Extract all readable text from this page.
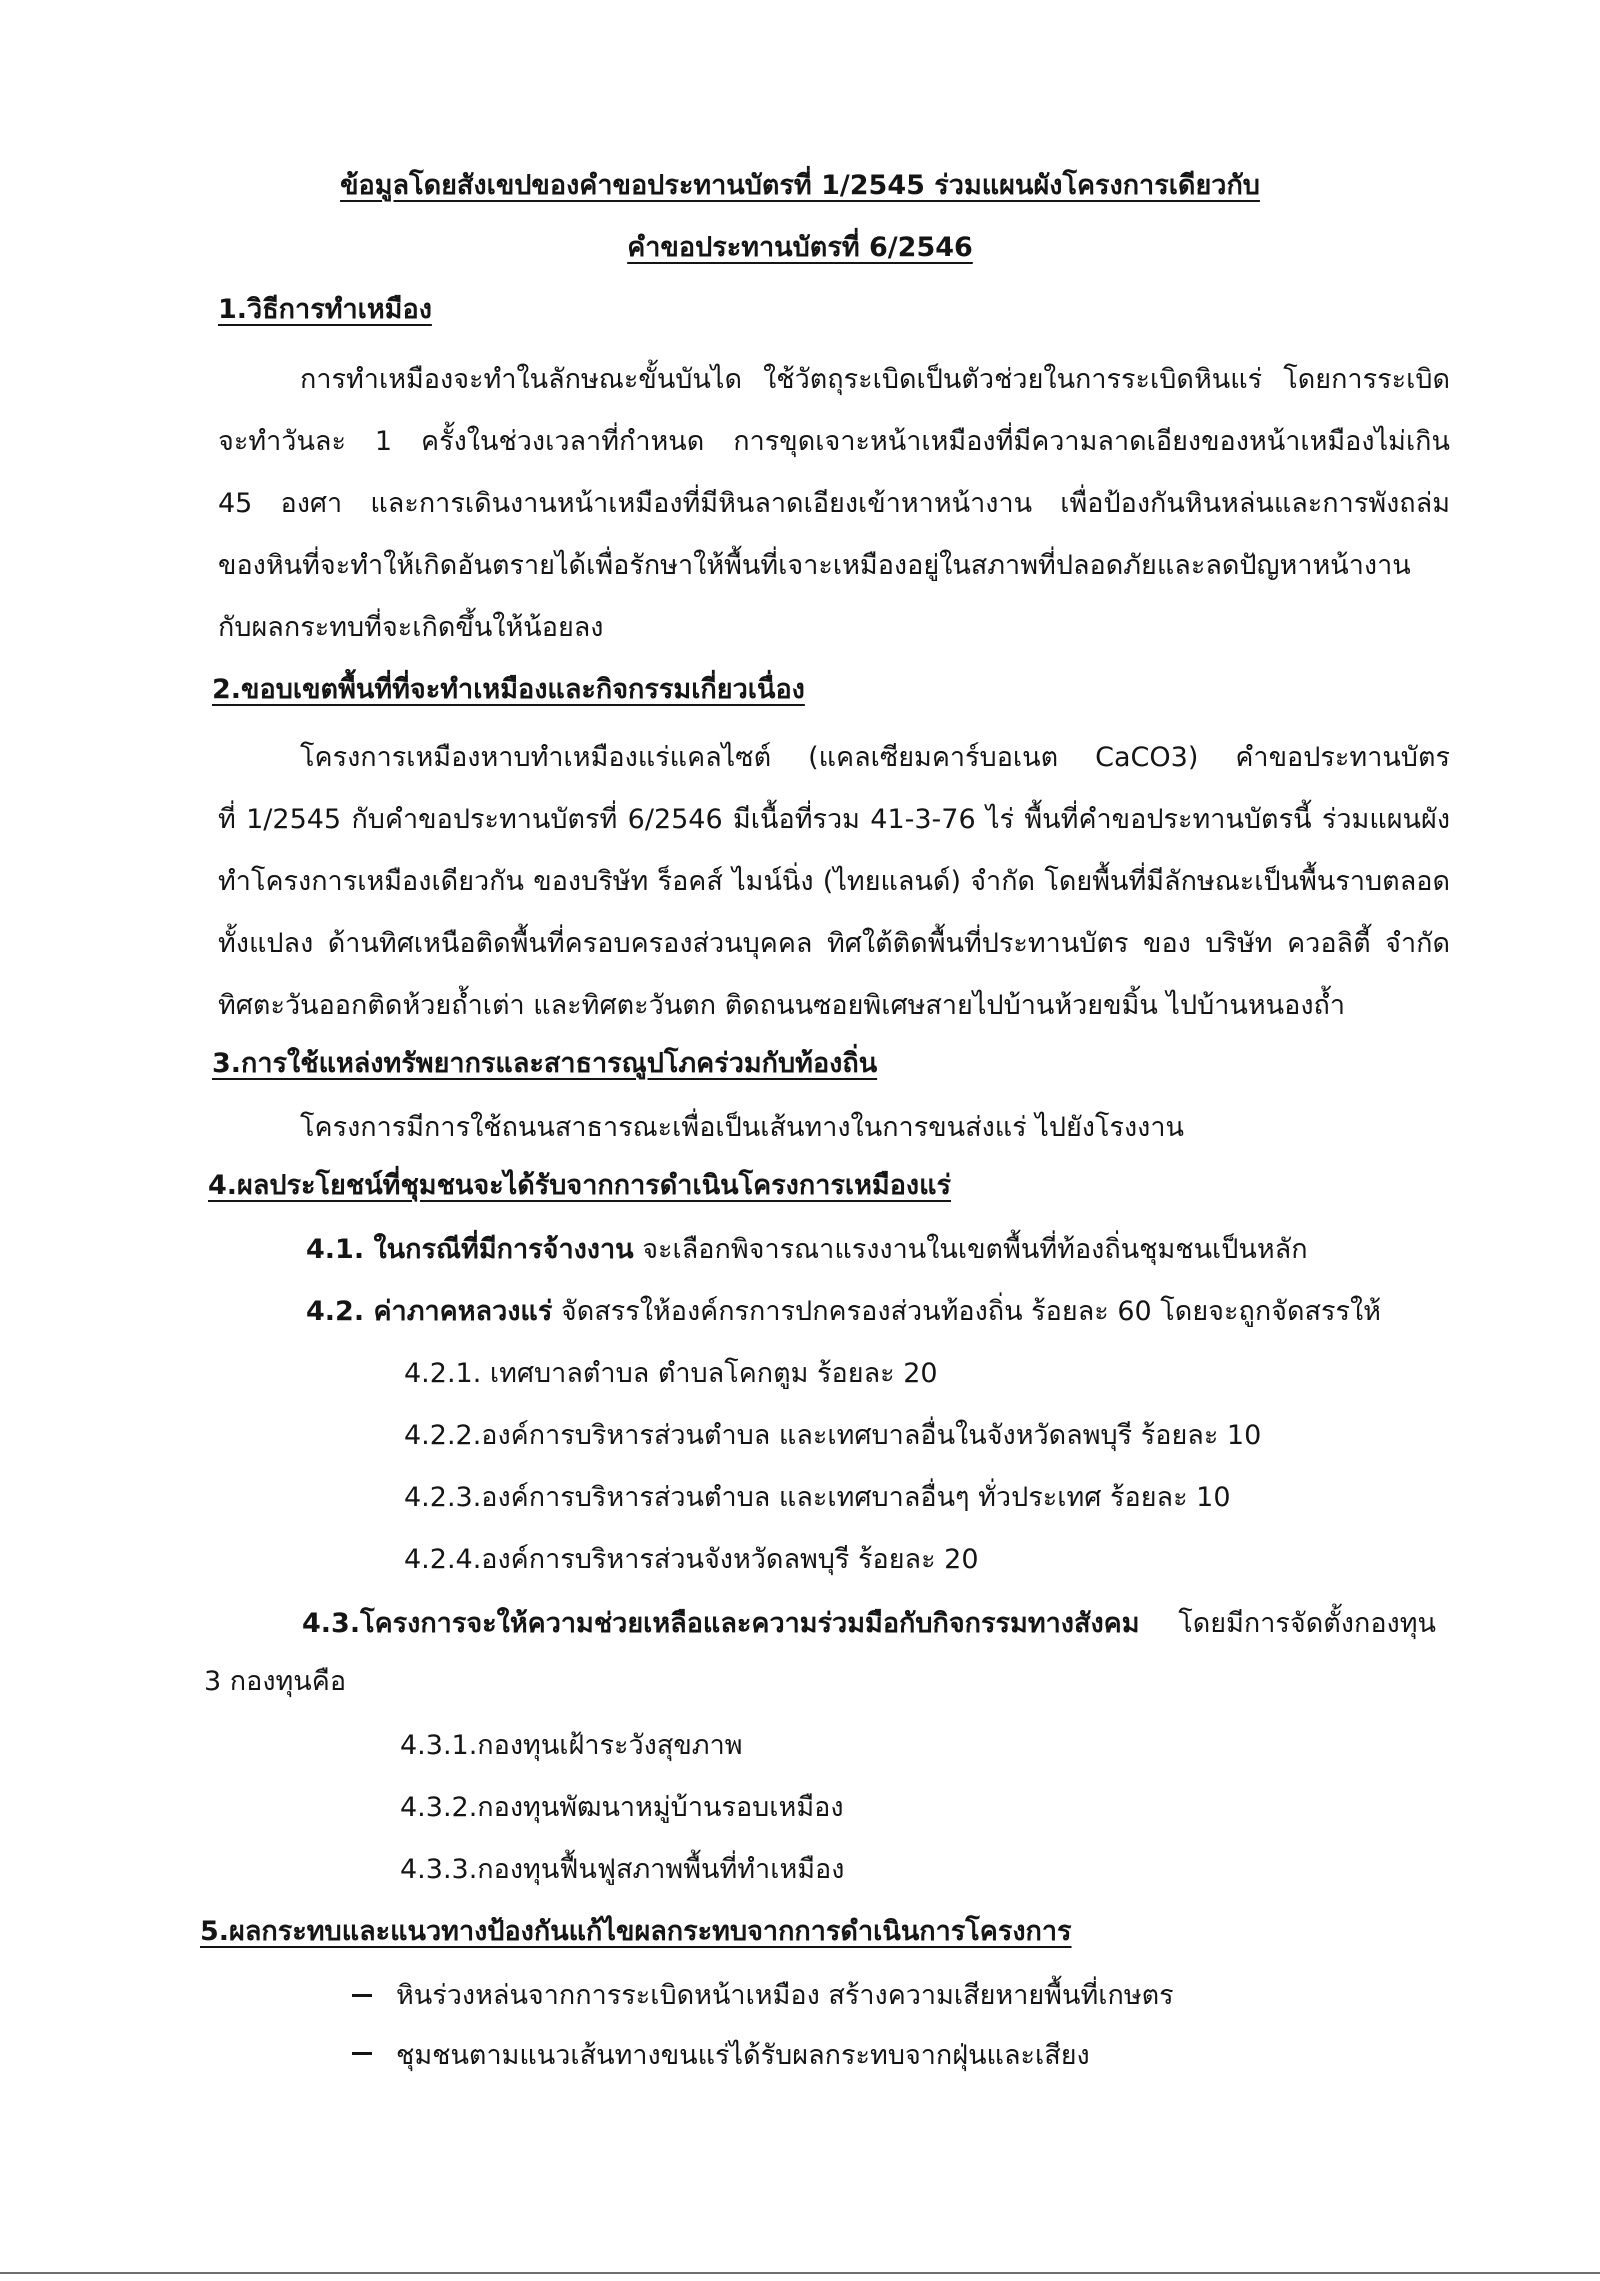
ข้อมูลโดยสังเขปของคำขอประทานบัตรที่ 1/2545 ร่วมแผนผังโครงการเดียวกับ
คำขอประทานบัตรที่ 6/2546
1.วิธีการทำเหมือง
การทำเหมืองจะทำในลักษณะขั้นบันได ใช้วัตถุระเบิดเป็นตัวช่วยในการระเบิดหินแร่ โดยการระเบิด
จะทำวันละ 1 ครั้งในช่วงเวลาที่กำหนด การขุดเจาะหน้าเหมืองที่มีความลาดเอียงของหน้าเหมืองไม่เกิน
45 องศา และการเดินงานหน้าเหมืองที่มีหินลาดเอียงเข้าหาหน้างาน เพื่อป้องกันหินหล่นและการพังถล่ม
ของหินที่จะทำให้เกิดอันตรายได้เพื่อรักษาให้พื้นที่เจาะเหมืองอยู่ในสภาพที่ปลอดภัยและลดปัญหาหน้างาน
กับผลกระทบที่จะเกิดขึ้นให้น้อยลง
2.ขอบเขตพื้นที่ที่จะทำเหมืองและกิจกรรมเกี่ยวเนื่อง
โครงการเหมืองหาบทำเหมืองแร่แคลไซต์ (แคลเซียมคาร์บอเนต CaCO3) คำขอประทานบัตร
ที่ 1/2545 กับคำขอประทานบัตรที่ 6/2546 มีเนื้อที่รวม 41-3-76 ไร่ พื้นที่คำขอประทานบัตรนี้ ร่วมแผนผัง
ทำโครงการเหมืองเดียวกัน ของบริษัท ร็อคส์ ไมน์นิ่ง (ไทยแลนด์) จำกัด โดยพื้นที่มีลักษณะเป็นพื้นราบตลอด
ทั้งแปลง ด้านทิศเหนือติดพื้นที่ครอบครองส่วนบุคคล ทิศใต้ติดพื้นที่ประทานบัตร ของ บริษัท ควอลิตี้ จำกัด
ทิศตะวันออกติดห้วยถ้ำเต่า และทิศตะวันตก ติดถนนซอยพิเศษสายไปบ้านห้วยขมิ้น ไปบ้านหนองถ้ำ
3.การใช้แหล่งทรัพยากรและสาธารณูปโภคร่วมกับท้องถิ่น
โครงการมีการใช้ถนนสาธารณะเพื่อเป็นเส้นทางในการขนส่งแร่ ไปยังโรงงาน
4.ผลประโยชน์ที่ชุมชนจะได้รับจากการดำเนินโครงการเหมืองแร่
4.1. ในกรณีที่มีการจ้างงาน จะเลือกพิจารณาแรงงานในเขตพื้นที่ท้องถิ่นชุมชนเป็นหลัก
4.2. ค่าภาคหลวงแร่ จัดสรรให้องค์กรการปกครองส่วนท้องถิ่น ร้อยละ 60 โดยจะถูกจัดสรรให้
4.2.1. เทศบาลตำบล ตำบลโคกตูม ร้อยละ 20
4.2.2.องค์การบริหารส่วนตำบล และเทศบาลอื่นในจังหวัดลพบุรี ร้อยละ 10
4.2.3.องค์การบริหารส่วนตำบล และเทศบาลอื่นๆ ทั่วประเทศ ร้อยละ 10
4.2.4.องค์การบริหารส่วนจังหวัดลพบุรี ร้อยละ 20
4.3.โครงการจะให้ความช่วยเหลือและความร่วมมือกับกิจกรรมทางสังคม โดยมีการจัดตั้งกองทุน
3 กองทุนคือ
4.3.1.กองทุนเฝ้าระวังสุขภาพ
4.3.2.กองทุนพัฒนาหมู่บ้านรอบเหมือง
4.3.3.กองทุนฟื้นฟูสภาพพื้นที่ทำเหมือง
5.ผลกระทบและแนวทางป้องกันแก้ไขผลกระทบจากการดำเนินการโครงการ
หินร่วงหล่นจากการระเบิดหน้าเหมือง สร้างความเสียหายพื้นที่เกษตร
ชุมชนตามแนวเส้นทางขนแร่ได้รับผลกระทบจากฝุ่นและเสียง
